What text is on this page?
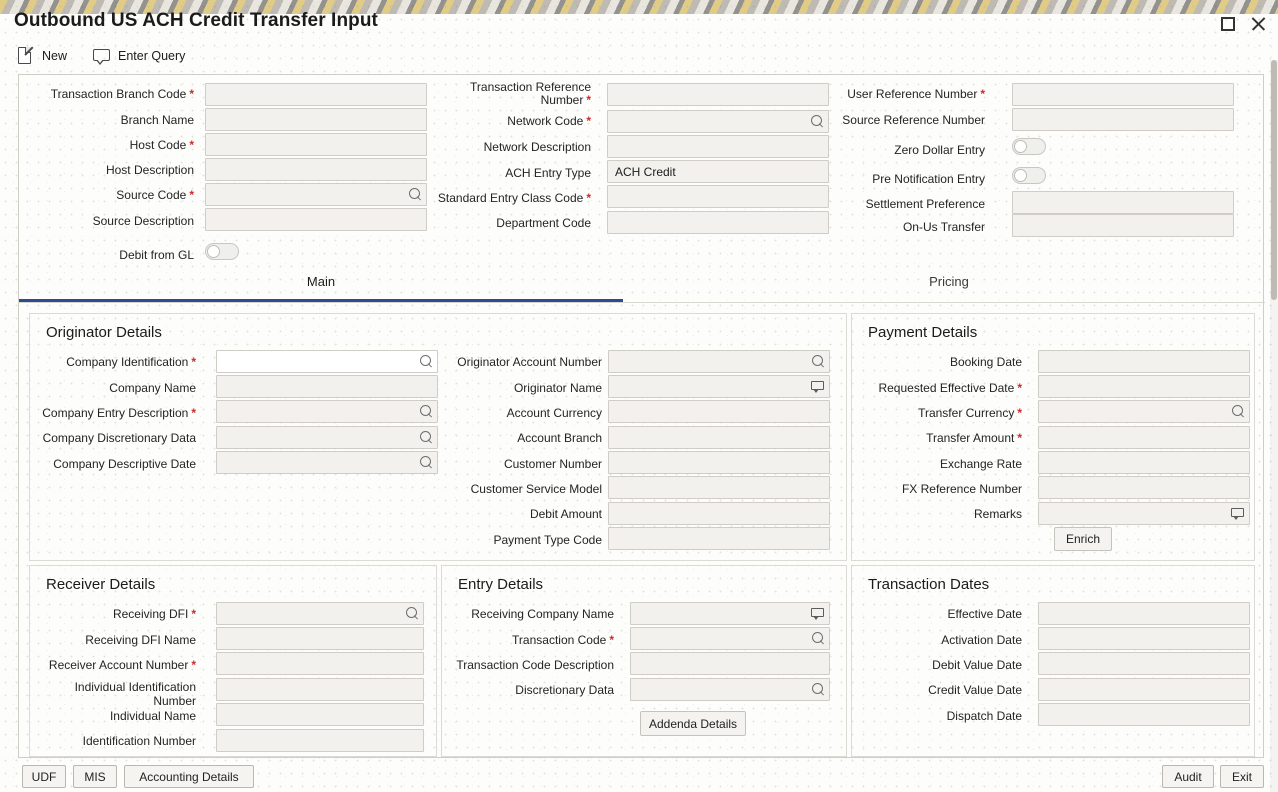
Outbound US ACH Credit Transfer Input
New	Enter Query
Transaction Branch Code *
Branch Name
Host Code *
Host Description
Source Code *
Source Description
Debit from GL
Transaction Reference Number *
Network Code *
Network Description
ACH Entry Type ACH Credit
Standard Entry Class Code *
Department Code
User Reference Number *
Source Reference Number
Zero Dollar Entry
Pre Notification Entry
Settlement Preference
On-Us Transfer
Main	Pricing
Originator Details
Company Identification *
Company Name
Company Entry Description *
Company Discretionary Data
Company Descriptive Date
Originator Account Number
Originator Name
Account Currency
Account Branch
Customer Number
Customer Service Model
Debit Amount
Payment Type Code
Payment Details
Booking Date
Requested Effective Date *
Transfer Currency *
Transfer Amount *
Exchange Rate
FX Reference Number
Remarks
Enrich
Receiver Details
Receiving DFI *
Receiving DFI Name
Receiver Account Number *
Individual Identification Number
Individual Name
Identification Number
Entry Details
Receiving Company Name
Transaction Code *
Transaction Code Description
Discretionary Data
Addenda Details
Transaction Dates
Effective Date
Activation Date
Debit Value Date
Credit Value Date
Dispatch Date
UDF	MIS	Accounting Details	Audit	Exit
